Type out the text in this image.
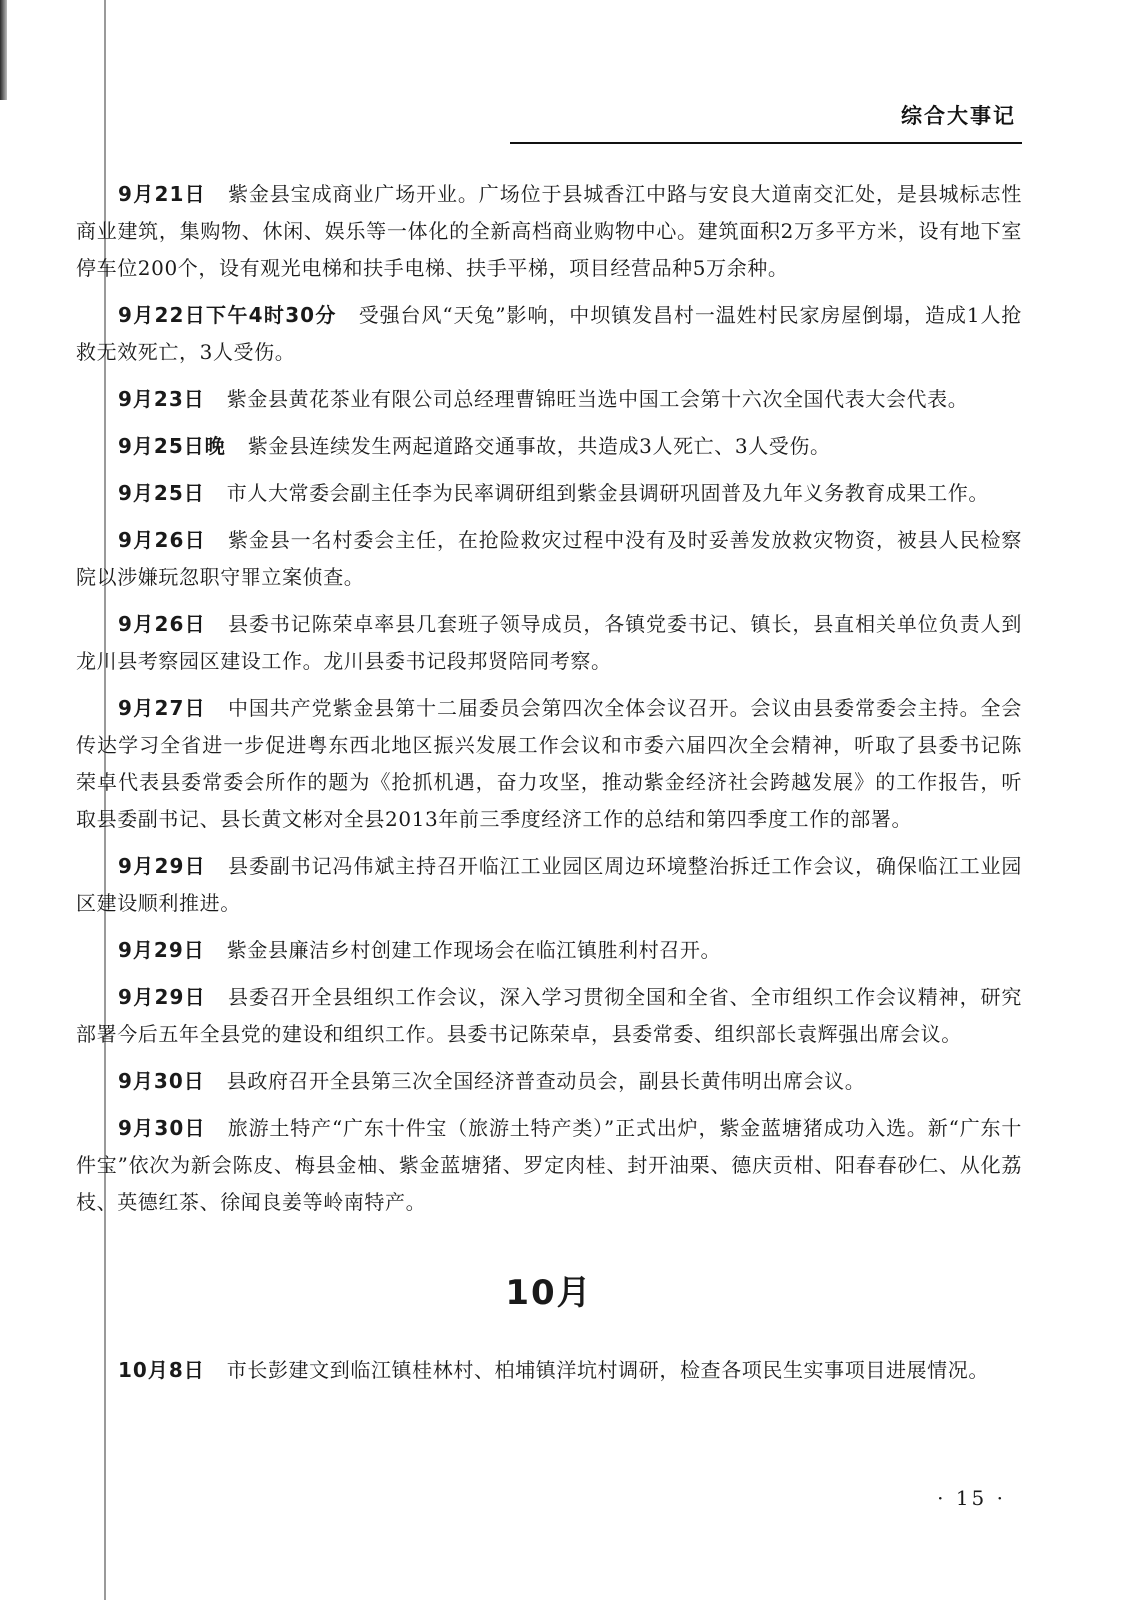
综合大事记

9月21日 紫金县宝成商业广场开业。广场位于县城香江中路与安良大道南交汇处，是县城标志性商业建筑，集购物、休闲、娱乐等一体化的全新高档商业购物中心。建筑面积2万多平方米，设有地下室停车位200个，设有观光电梯和扶手电梯、扶手平梯，项目经营品种5万余种。

9月22日下午4时30分 受强台风“天兔”影响，中坝镇发昌村一温姓村民家房屋倒塌，造成1人抢救无效死亡，3人受伤。

9月23日 紫金县黄花茶业有限公司总经理曹锦旺当选中国工会第十六次全国代表大会代表。

9月25日晚 紫金县连续发生两起道路交通事故，共造成3人死亡、3人受伤。

9月25日 市人大常委会副主任李为民率调研组到紫金县调研巩固普及九年义务教育成果工作。

9月26日 紫金县一名村委会主任，在抢险救灾过程中没有及时妥善发放救灾物资，被县人民检察院以涉嫌玩忽职守罪立案侦查。

9月26日 县委书记陈荣卓率县几套班子领导成员，各镇党委书记、镇长，县直相关单位负责人到龙川县考察园区建设工作。龙川县委书记段邦贤陪同考察。

9月27日 中国共产党紫金县第十二届委员会第四次全体会议召开。会议由县委常委会主持。全会传达学习全省进一步促进粤东西北地区振兴发展工作会议和市委六届四次全会精神，听取了县委书记陈荣卓代表县委常委会所作的题为《抢抓机遇，奋力攻坚，推动紫金经济社会跨越发展》的工作报告，听取县委副书记、县长黄文彬对全县2013年前三季度经济工作的总结和第四季度工作的部署。

9月29日 县委副书记冯伟斌主持召开临江工业园区周边环境整治拆迁工作会议，确保临江工业园区建设顺利推进。

9月29日 紫金县廉洁乡村创建工作现场会在临江镇胜利村召开。

9月29日 县委召开全县组织工作会议，深入学习贯彻全国和全省、全市组织工作会议精神，研究部署今后五年全县党的建设和组织工作。县委书记陈荣卓，县委常委、组织部长袁辉强出席会议。

9月30日 县政府召开全县第三次全国经济普查动员会，副县长黄伟明出席会议。

9月30日 旅游土特产“广东十件宝（旅游土特产类）”正式出炉，紫金蓝塘猪成功入选。新“广东十件宝”依次为新会陈皮、梅县金柚、紫金蓝塘猪、罗定肉桂、封开油栗、德庆贡柑、阳春春砂仁、从化荔枝、英德红茶、徐闻良姜等岭南特产。

10月

10月8日 市长彭建文到临江镇桂林村、柏埔镇洋坑村调研，检查各项民生实事项目进展情况。

· 15 ·
